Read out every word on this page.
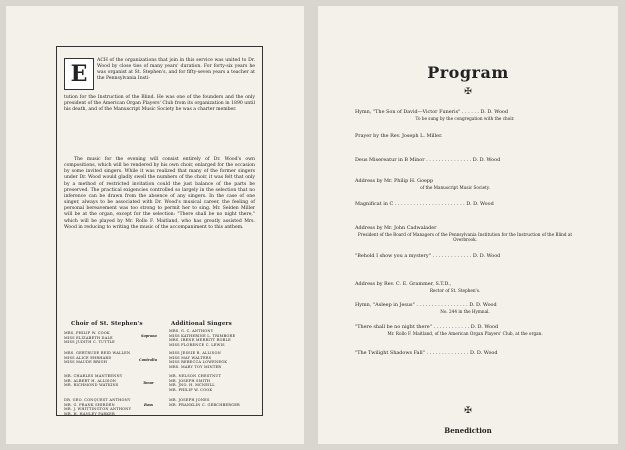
E

ACH of the organizations that join in this service was united to Dr. Wood by close ties of many years' duration. For forty-six years he was organist at St. Stephen's, and for fifty-seven years a teacher at the Pennsylvania Insti-

tution for the Instruction of the Blind. He was one of the founders and the only president of the American Organ Players' Club from its organization in 1890 until his death, and of the Manuscript Music Society he was a charter member.

The music for the evening will consist entirely of Dr. Wood's own compositions, which will be rendered by his own choir, enlarged for the occasion by some invited singers. While it was realized that many of the former singers under Dr. Wood would gladly swell the numbers of the choir, it was felt that only by a method of restricted invitation could the just balance of the parts be preserved. The practical exigencies controlled so largely in the selection that no inference can be drawn from the absence of any singers. In the case of one singer, always to be associated with Dr. Wood's musical career, the feeling of personal bereavement was too strong to permit her to sing. Mr. Selden Miller will be at the organ, except for the selection: "There shall be no night there," which will be played by Mr. Rollo F. Maitland, who has greatly assisted Mrs. Wood in reducing to writing the music of the accompaniment to this anthem.

Choir of St. Stephen's	Additional Singers
Soprano
Contralto
Tenor
Bass
MRS. PHILIP W. COOK
MISS ELIZABETH DALE
MISS JUDITH C. TUTTLE
MRS. GERTRUDE REID WALLEN
MISS ALICE EHRHARD
MISS MAUDE BRIGH
MR. CHARLES MANTEENNY
MR. ALBERT H. ALLISON
MR. RICHMOND WATKINS
DR. GEO. CONQUEST ANTHONY
MR. G. FRANK SHIRDEN
MR. J. WHITTINGTON ANTHONY
MR. H. HANLEY PARKER
MRS. G. C. ANTHONY
MISS KATHERINE L. TRIMBORE
MRS. IRENE MERRITT ROBLE
MISS FLORENCE C. LEWIS
MISS JESSIE R. ALLISON
MISS MAY WALTERS
MISS REBECCA LOWENEGK
MRS. MARY TOY MINTER
MR. NELSON CHESTNUT
MR. JOSEPH SMITH
MR. JNO. H. MCNEILL
MR. PHILIP W. COOK
MR. JOSEPH JONES
MR. FRANKLIN C. GEBCHBERGER
Program
✠
Hymn, "The Son of David—Victor Funeris" . . . . . . D. D. Wood
To be sung by the congregation with the choir.
Prayer by the Rev. Joseph L. Miller.
Deus Misereatur in B Minor . . . . . . . . . . . . . . . D. D. Wood
Address by Mr. Philip H. Goepp
of the Manuscript Music Society.
Magnificat in C . . . . . . . . . . . . . . . . . . . . . . . D. D. Wood
Address by Mr. John Cadwalader
President of the Board of Managers of the Pennsylvania Institution for the Instruction of the Blind at Overbrook.
"Behold I show you a mystery" . . . . . . . . . . . . . D. D. Wood
Address by Rev. C. E. Grammer, S.T.D.,
Rector of St. Stephen's.
Hymn, "Asleep in Jesus" . . . . . . . . . . . . . . . . . D. D. Wood
No. 244 in the Hymnal.
"There shall be no night there" . . . . . . . . . . . . D. D. Wood
Mr. Rollo F. Maitland, of the American Organ Players' Club, at the organ.
"The Twilight Shadows Fall" . . . . . . . . . . . . . . D. D. Wood
✠
Benediction
